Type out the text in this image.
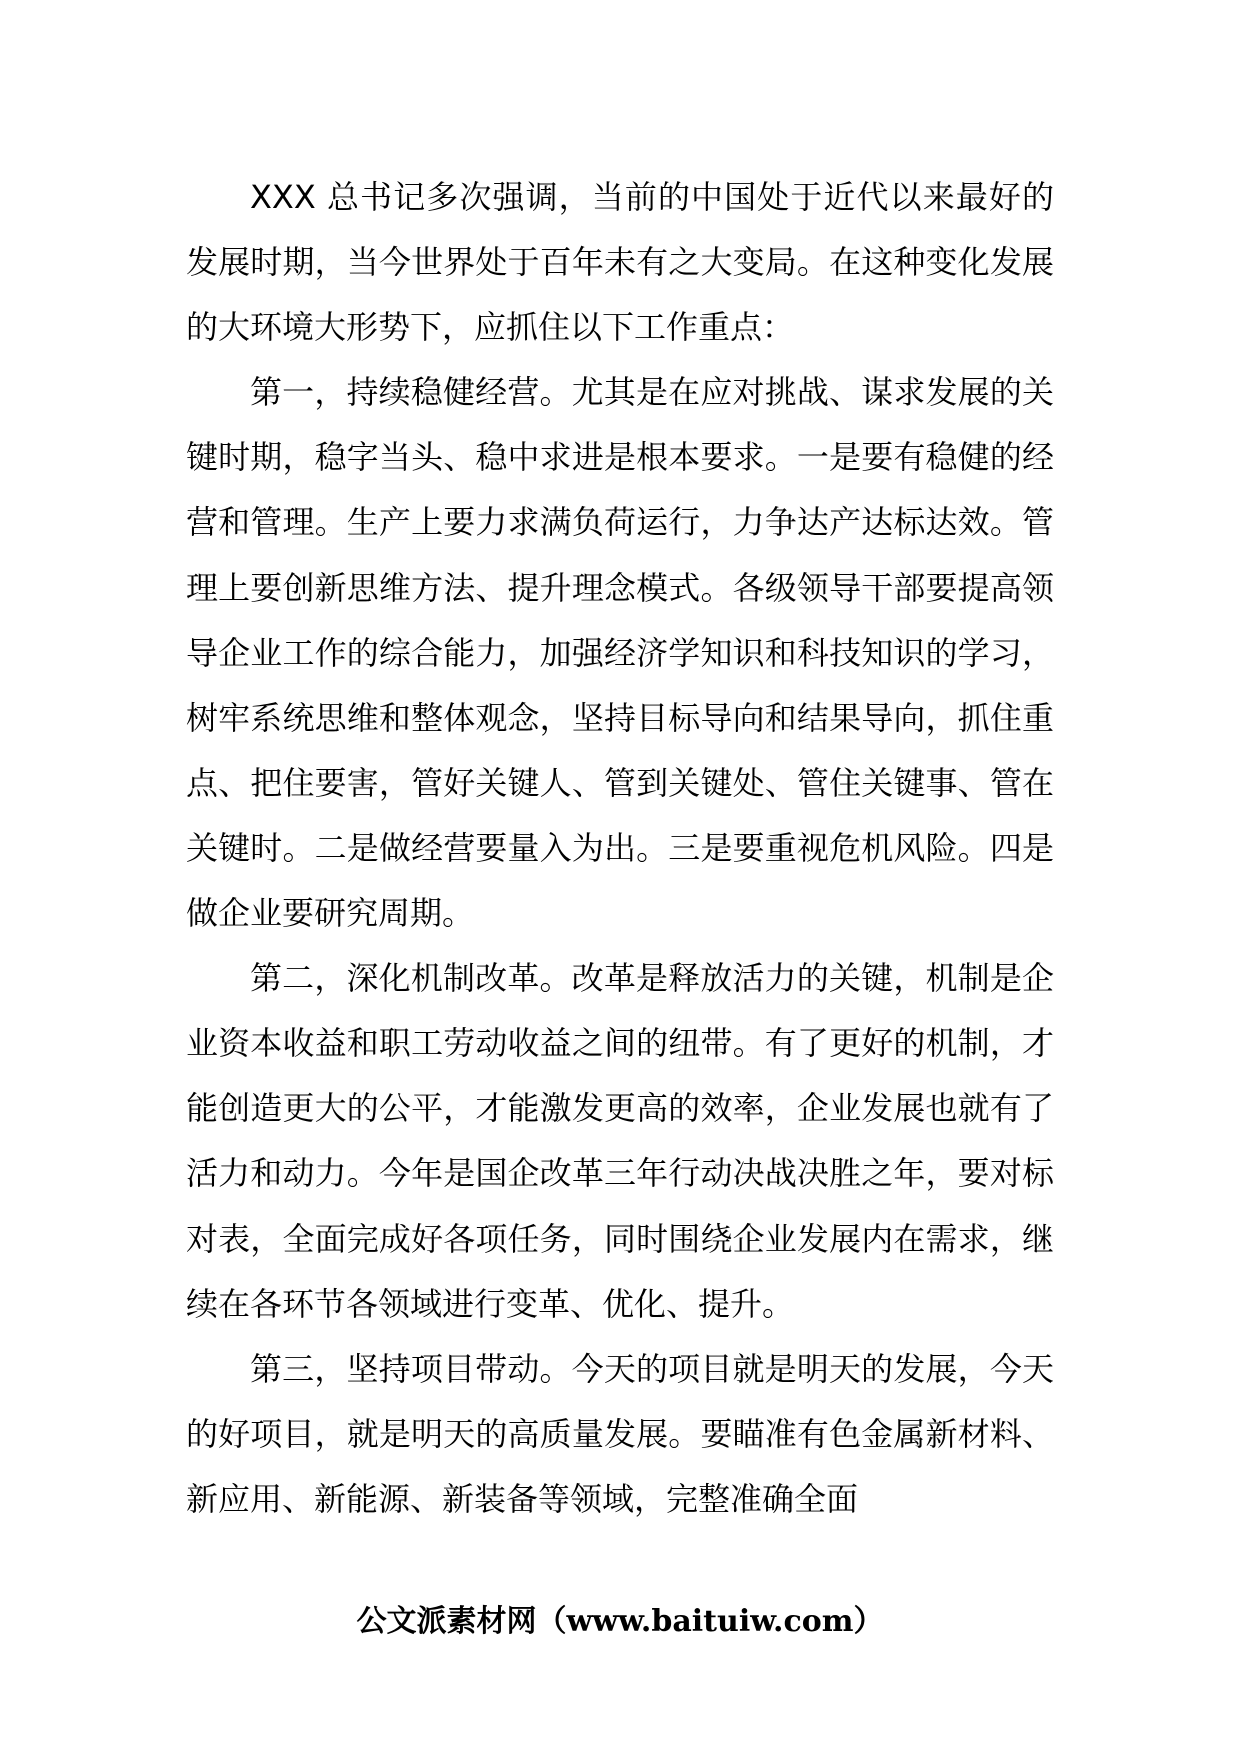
XXX 总书记多次强调，当前的中国处于近代以来最好的发展时期，当今世界处于百年未有之大变局。在这种变化发展的大环境大形势下，应抓住以下工作重点：

第一，持续稳健经营。尤其是在应对挑战、谋求发展的关键时期，稳字当头、稳中求进是根本要求。一是要有稳健的经营和管理。生产上要力求满负荷运行，力争达产达标达效。管理上要创新思维方法、提升理念模式。各级领导干部要提高领导企业工作的综合能力，加强经济学知识和科技知识的学习，树牢系统思维和整体观念，坚持目标导向和结果导向，抓住重点、把住要害，管好关键人、管到关键处、管住关键事、管在关键时。二是做经营要量入为出。三是要重视危机风险。四是做企业要研究周期。

第二，深化机制改革。改革是释放活力的关键，机制是企业资本收益和职工劳动收益之间的纽带。有了更好的机制，才能创造更大的公平，才能激发更高的效率，企业发展也就有了活力和动力。今年是国企改革三年行动决战决胜之年，要对标对表，全面完成好各项任务，同时围绕企业发展内在需求，继续在各环节各领域进行变革、优化、提升。

第三，坚持项目带动。今天的项目就是明天的发展，今天的好项目，就是明天的高质量发展。要瞄准有色金属新材料、新应用、新能源、新装备等领域，完整准确全面

公文派素材网（www.baituiw.com）
